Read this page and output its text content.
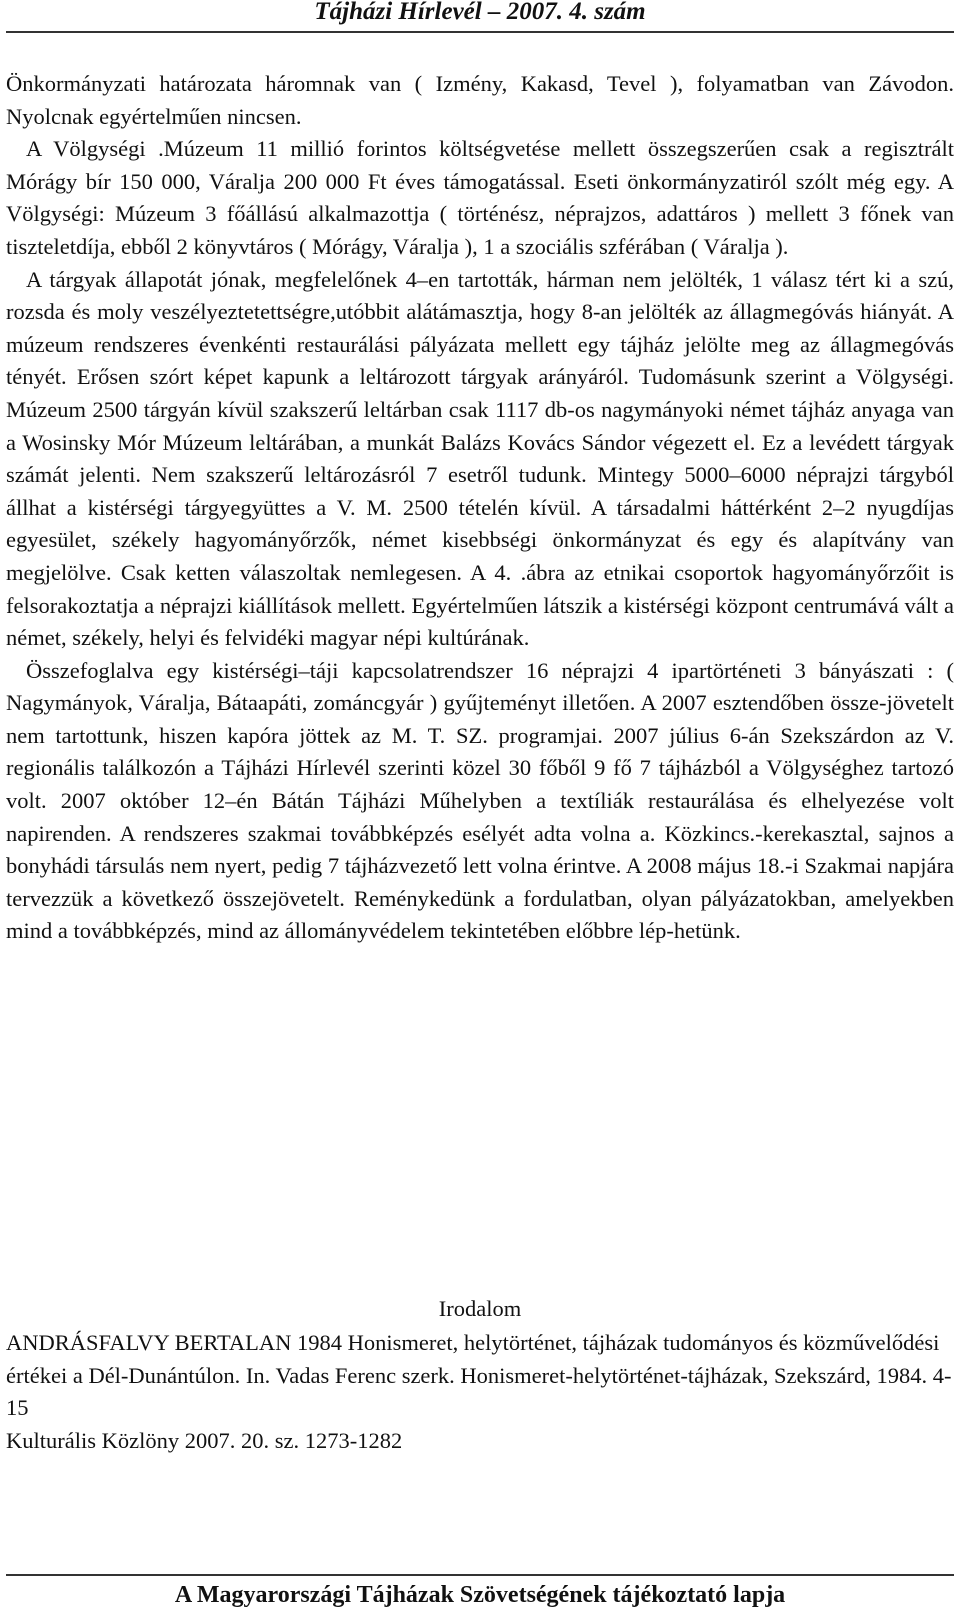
Tájházi Hírlevél – 2007. 4. szám

Önkormányzati határozata háromnak van ( Izmény, Kakasd, Tevel ), folyamatban van Závodon. Nyolcnak egyértelműen nincsen.

A Völgységi .Múzeum 11 millió forintos költségvetése mellett összegszerűen csak a regisztrált Mórágy bír 150 000, Váralja 200 000 Ft éves támogatással. Eseti önkormányzatiról szólt még egy. A Völgységi: Múzeum 3 főállású alkalmazottja ( történész, néprajzos, adattáros ) mellett 3 főnek van tiszteletdíja, ebből 2 könyvtáros ( Mórágy, Váralja ), 1 a szociális szférában ( Váralja ).

A tárgyak állapotát jónak, megfelelőnek 4–en tartották, hárman nem jelölték, 1 válasz tért ki a szú, rozsda és moly veszélyeztetettségre,utóbbit alátámasztja, hogy 8-an jelölték az állagmegóvás hiányát. A múzeum rendszeres évenkénti restaurálási pályázata mellett egy tájház jelölte meg az állagmegóvás tényét. Erősen szórt képet kapunk a leltározott tárgyak arányáról. Tudomásunk szerint a Völgységi. Múzeum 2500 tárgyán kívül szakszerű leltárban csak 1117 db-os nagymányoki német tájház anyaga van a Wosinsky Mór Múzeum leltárában, a munkát Balázs Kovács Sándor végezett el. Ez a levédett tárgyak számát jelenti. Nem szakszerű leltározásról 7 esetről tudunk. Mintegy 5000–6000 néprajzi tárgyból állhat a kistérségi tárgyegyüttes a V. M. 2500 tételén kívül. A társadalmi háttérként 2–2 nyugdíjas egyesület, székely hagyományőrzők, német kisebbségi önkormányzat és egy és alapítvány van megjelölve. Csak ketten válaszoltak nemlegesen. A 4. .ábra az etnikai csoportok hagyományőrzőit is felsorakoztatja a néprajzi kiállítások mellett. Egyértelműen látszik a kistérségi központ centrumává vált a német, székely, helyi és felvidéki magyar népi kultúrának.

Összefoglalva egy kistérségi–táji kapcsolatrendszer 16 néprajzi 4 ipartörténeti 3 bányászati : ( Nagymányok, Váralja, Bátaapáti, zománcgyár ) gyűjteményt illetően. A 2007 esztendőben össze-jövetelt nem tartottunk, hiszen kapóra jöttek az M. T. SZ. programjai. 2007 július 6-án Szekszárdon az V. regionális találkozón a Tájházi Hírlevél szerinti közel 30 főből 9 fő 7 tájházból a Völgységhez tartozó volt. 2007 október 12–én Bátán Tájházi Műhelyben a textíliák restaurálása és elhelyezése volt napirenden. A rendszeres szakmai továbbképzés esélyét adta volna a. Közkincs.-kerekasztal, sajnos a bonyhádi társulás nem nyert, pedig 7 tájházvezető lett volna érintve. A 2008 május 18.-i Szakmai napjára tervezzük a következő összejövetelt. Reménykedünk a fordulatban, olyan pályázatokban, amelyekben mind a továbbképzés, mind az állományvédelem tekintetében előbbre lép-hetünk.

Irodalom

ANDRÁSFALVY BERTALAN 1984 Honismeret, helytörténet, tájházak tudományos és közművelődési értékei a Dél-Dunántúlon. In. Vadas Ferenc szerk. Honismeret-helytörténet-tájházak, Szekszárd, 1984. 4-15

Kulturális Közlöny 2007. 20. sz. 1273-1282

A Magyarországi Tájházak Szövetségének tájékoztató lapja
